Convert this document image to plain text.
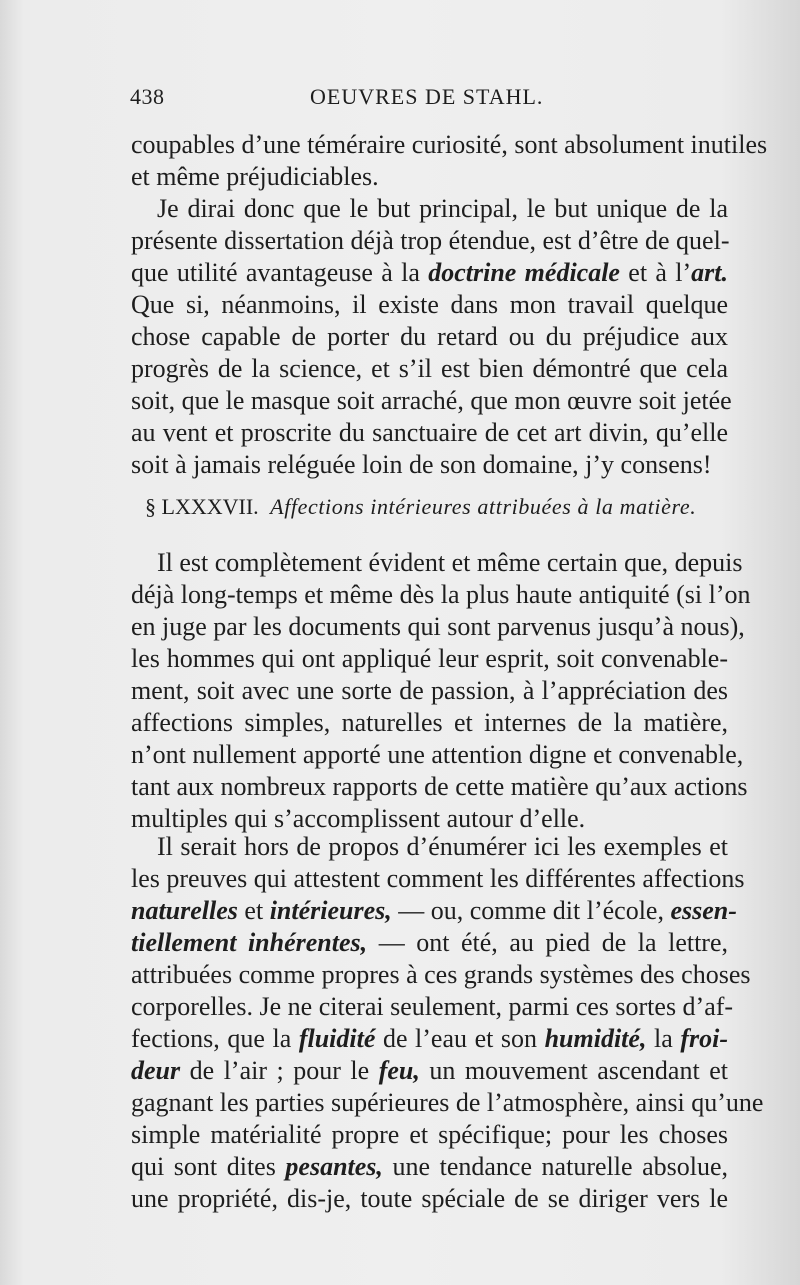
438	OEUVRES DE STAHL.
coupables d’une téméraire curiosité, sont absolument inutiles
et même préjudiciables.
Je dirai donc que le but principal, le but unique de la
présente dissertation déjà trop étendue, est d’être de quel-
que utilité avantageuse à la doctrine médicale et à l’art.
Que si, néanmoins, il existe dans mon travail quelque
chose capable de porter du retard ou du préjudice aux
progrès de la science, et s’il est bien démontré que cela
soit, que le masque soit arraché, que mon œuvre soit jetée
au vent et proscrite du sanctuaire de cet art divin, qu’elle
soit à jamais reléguée loin de son domaine, j’y consens!
§ LXXXVII. Affections intérieures attribuées à la matière.
Il est complètement évident et même certain que, depuis
déjà long-temps et même dès la plus haute antiquité (si l’on
en juge par les documents qui sont parvenus jusqu’à nous),
les hommes qui ont appliqué leur esprit, soit convenable-
ment, soit avec une sorte de passion, à l’appréciation des
affections simples, naturelles et internes de la matière,
n’ont nullement apporté une attention digne et convenable,
tant aux nombreux rapports de cette matière qu’aux actions
multiples qui s’accomplissent autour d’elle.
Il serait hors de propos d’énumérer ici les exemples et
les preuves qui attestent comment les différentes affections
naturelles et intérieures, — ou, comme dit l’école, essen-
tiellement inhérentes, — ont été, au pied de la lettre,
attribuées comme propres à ces grands systèmes des choses
corporelles. Je ne citerai seulement, parmi ces sortes d’af-
fections, que la fluidité de l’eau et son humidité, la froi-
deur de l’air ; pour le feu, un mouvement ascendant et
gagnant les parties supérieures de l’atmosphère, ainsi qu’une
simple matérialité propre et spécifique; pour les choses
qui sont dites pesantes, une tendance naturelle absolue,
une propriété, dis-je, toute spéciale de se diriger vers le
